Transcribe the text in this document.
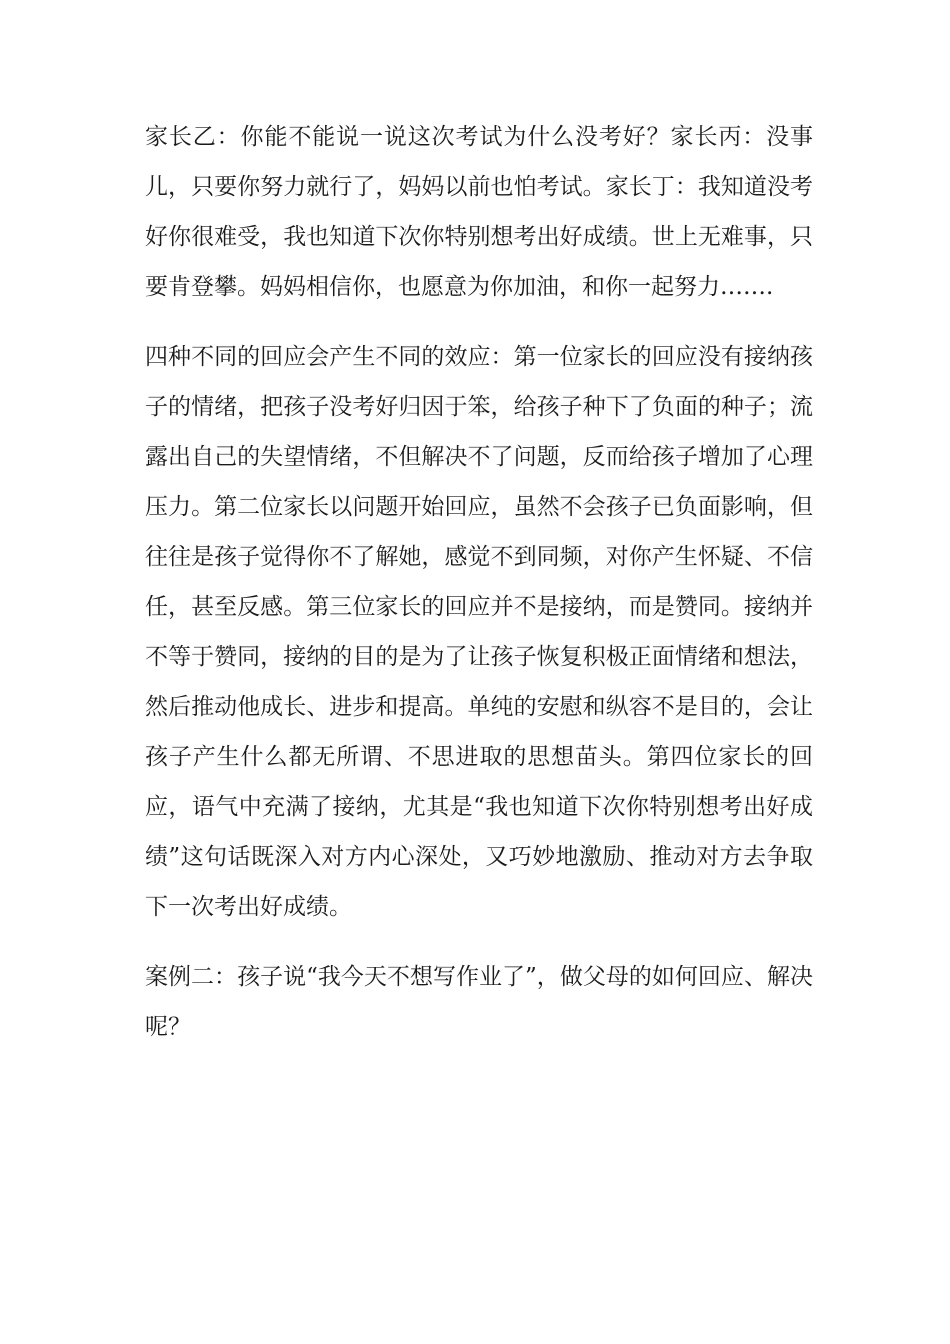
家长乙：你能不能说一说这次考试为什么没考好？家长丙：没事儿，只要你努力就行了，妈妈以前也怕考试。家长丁：我知道没考好你很难受，我也知道下次你特别想考出好成绩。世上无难事，只要肯登攀。妈妈相信你，也愿意为你加油，和你一起努力…….

四种不同的回应会产生不同的效应：第一位家长的回应没有接纳孩子的情绪，把孩子没考好归因于笨，给孩子种下了负面的种子；流露出自己的失望情绪，不但解决不了问题，反而给孩子增加了心理压力。第二位家长以问题开始回应，虽然不会孩子已负面影响，但往往是孩子觉得你不了解她，感觉不到同频，对你产生怀疑、不信任，甚至反感。第三位家长的回应并不是接纳，而是赞同。接纳并不等于赞同，接纳的目的是为了让孩子恢复积极正面情绪和想法，然后推动他成长、进步和提高。单纯的安慰和纵容不是目的，会让孩子产生什么都无所谓、不思进取的思想苗头。第四位家长的回应，语气中充满了接纳，尤其是“我也知道下次你特别想考出好成绩”这句话既深入对方内心深处，又巧妙地激励、推动对方去争取下一次考出好成绩。

案例二：孩子说“我今天不想写作业了”，做父母的如何回应、解决呢？
